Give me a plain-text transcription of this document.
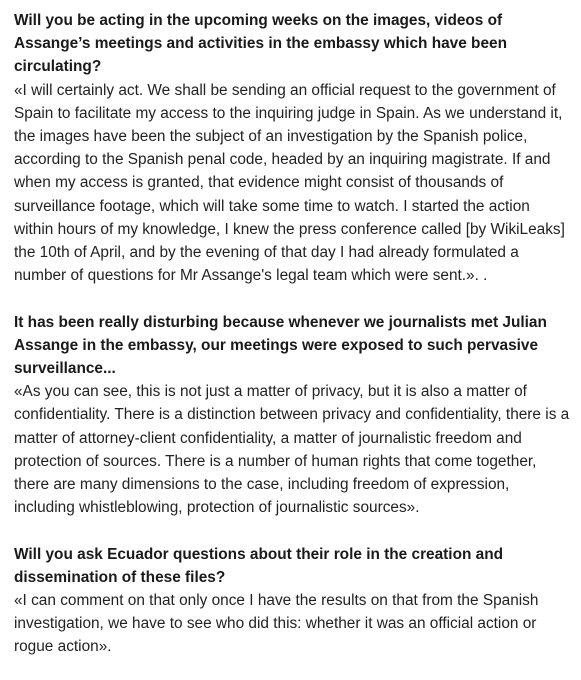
Will you be acting in the upcoming weeks on the images, videos of Assange’s meetings and activities in the embassy which have been circulating?

«I will certainly act. We shall be sending an official request to the government of Spain to facilitate my access to the inquiring judge in Spain. As we understand it, the images have been the subject of an investigation by the Spanish police, according to the Spanish penal code, headed by an inquiring magistrate. If and when my access is granted, that evidence might consist of thousands of surveillance footage, which will take some time to watch. I started the action within hours of my knowledge, I knew the press conference called [by WikiLeaks] the 10th of April, and by the evening of that day I had already formulated a number of questions for Mr Assange's legal team which were sent.». .

It has been really disturbing because whenever we journalists met Julian Assange in the embassy, our meetings were exposed to such pervasive surveillance...

«As you can see, this is not just a matter of privacy, but it is also a matter of confidentiality. There is a distinction between privacy and confidentiality, there is a matter of attorney-client confidentiality, a matter of journalistic freedom and protection of sources. There is a number of human rights that come together, there are many dimensions to the case, including freedom of expression, including whistleblowing, protection of journalistic sources».

Will you ask Ecuador questions about their role in the creation and dissemination of these files?

«I can comment on that only once I have the results on that from the Spanish investigation, we have to see who did this: whether it was an official action or rogue action».
